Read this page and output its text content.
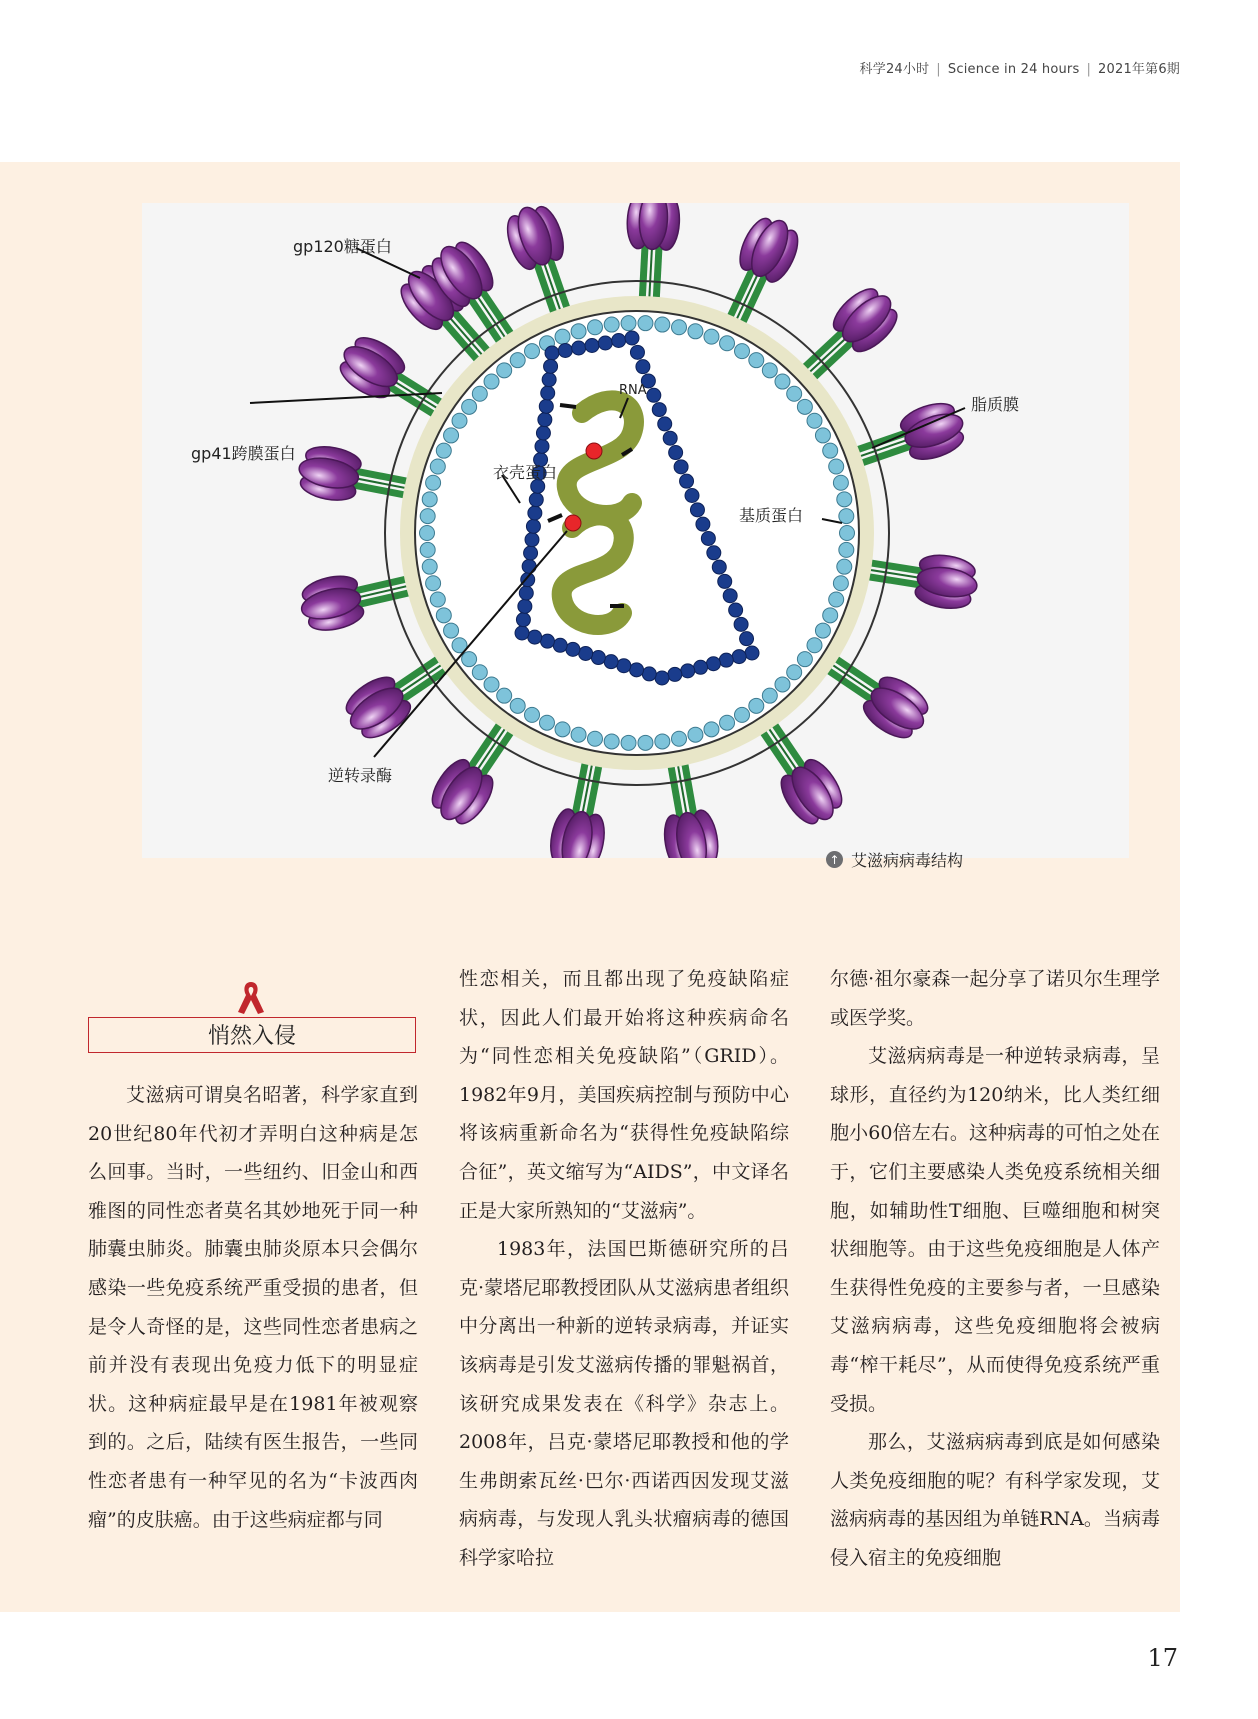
科学24小时 | Science in 24 hours | 2021年第6期
gp120糖蛋白
gp41跨膜蛋白
衣壳蛋白
RNA
基质蛋白
脂质膜
逆转录酶
↑ 艾滋病病毒结构
悄然入侵

艾滋病可谓臭名昭著，科学家直到20世纪80年代初才弄明白这种病是怎么回事。当时，一些纽约、旧金山和西雅图的同性恋者莫名其妙地死于同一种肺囊虫肺炎。肺囊虫肺炎原本只会偶尔感染一些免疫系统严重受损的患者，但是令人奇怪的是，这些同性恋者患病之前并没有表现出免疫力低下的明显症状。这种病症最早是在1981年被观察到的。之后，陆续有医生报告，一些同性恋者患有一种罕见的名为“卡波西肉瘤”的皮肤癌。由于这些病症都与同

性恋相关，而且都出现了免疫缺陷症状，因此人们最开始将这种疾病命名为“同性恋相关免疫缺陷”（GRID）。1982年9月，美国疾病控制与预防中心将该病重新命名为“获得性免疫缺陷综合征”，英文缩写为“AIDS”，中文译名正是大家所熟知的“艾滋病”。

1983年，法国巴斯德研究所的吕克·蒙塔尼耶教授团队从艾滋病患者组织中分离出一种新的逆转录病毒，并证实该病毒是引发艾滋病传播的罪魁祸首，该研究成果发表在《科学》杂志上。2008年，吕克·蒙塔尼耶教授和他的学生弗朗索瓦丝·巴尔·西诺西因发现艾滋病病毒，与发现人乳头状瘤病毒的德国科学家哈拉

尔德·祖尔豪森一起分享了诺贝尔生理学或医学奖。

艾滋病病毒是一种逆转录病毒，呈球形，直径约为120纳米，比人类红细胞小60倍左右。这种病毒的可怕之处在于，它们主要感染人类免疫系统相关细胞，如辅助性T细胞、巨噬细胞和树突状细胞等。由于这些免疫细胞是人体产生获得性免疫的主要参与者，一旦感染艾滋病病毒，这些免疫细胞将会被病毒“榨干耗尽”，从而使得免疫系统严重受损。

那么，艾滋病病毒到底是如何感染人类免疫细胞的呢？有科学家发现，艾滋病病毒的基因组为单链RNA。当病毒侵入宿主的免疫细胞

17
